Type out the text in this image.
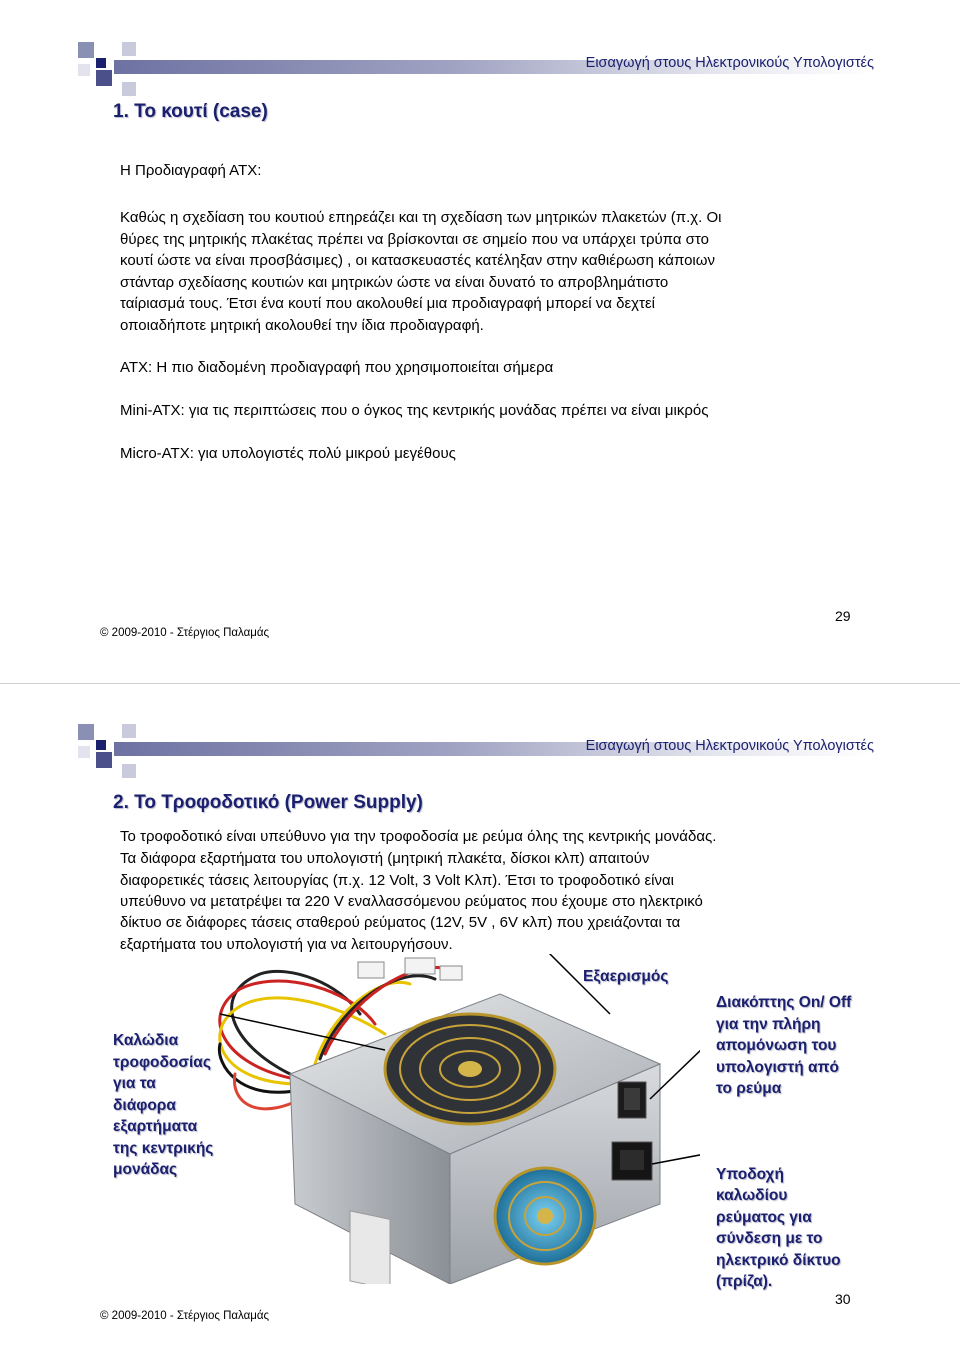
Εισαγωγή στους Ηλεκτρονικούς Υπολογιστές
1. Το κουτί (case)
Η Προδιαγραφή ΑΤΧ:
Καθώς η σχεδίαση του κουτιού επηρεάζει και τη σχεδίαση των μητρικών πλακετών (π.χ. Οι
θύρες της μητρικής πλακέτας πρέπει να βρίσκονται σε σημείο που να υπάρχει τρύπα στο
κουτί ώστε να είναι προσβάσιμες) , οι κατασκευαστές κατέληξαν στην καθιέρωση κάποιων
στάνταρ σχεδίασης κουτιών και μητρικών ώστε να είναι δυνατό το απροβλημάτιστο
ταίριασμά τους. Έτσι ένα κουτί που ακολουθεί μια προδιαγραφή μπορεί να δεχτεί
οποιαδήποτε μητρική ακολουθεί την ίδια προδιαγραφή.
ΑΤΧ: Η πιο διαδομένη προδιαγραφή που χρησιμοποιείται σήμερα
Mini-ΑΤΧ: για τις περιπτώσεις που ο όγκος της κεντρικής μονάδας πρέπει να είναι μικρός
Micro-ΑΤΧ: για υπολογιστές πολύ μικρού μεγέθους
© 2009-2010 - Στέργιος Παλαμάς
29
Εισαγωγή στους Ηλεκτρονικούς Υπολογιστές
2. Το Τροφοδοτικό (Power Supply)
Το τροφοδοτικό είναι υπεύθυνο για την τροφοδοσία με ρεύμα όλης της κεντρικής μονάδας.
Τα διάφορα εξαρτήματα του υπολογιστή (μητρική πλακέτα, δίσκοι κλπ) απαιτούν
διαφορετικές τάσεις λειτουργίας (π.χ. 12 Volt, 3 Volt Κλπ). Έτσι το τροφοδοτικό είναι
υπεύθυνο να μετατρέψει τα 220 V εναλλασσόμενου ρεύματος που έχουμε στο ηλεκτρικό
δίκτυο σε διάφορες τάσεις σταθερού ρεύματος (12V, 5V , 6V κλπ) που χρειάζονται τα
εξαρτήματα του υπολογιστή για να λειτουργήσουν.
Εξαερισμός
Καλώδια
τροφοδοσίας
για τα
διάφορα
εξαρτήματα
της κεντρικής
μονάδας
Διακόπτης On/ Off
για την πλήρη
απομόνωση του
υπολογιστή από
το ρεύμα
Υποδοχή
καλωδίου
ρεύματος για
σύνδεση με το
ηλεκτρικό δίκτυο
(πρίζα).
© 2009-2010 - Στέργιος Παλαμάς
30
